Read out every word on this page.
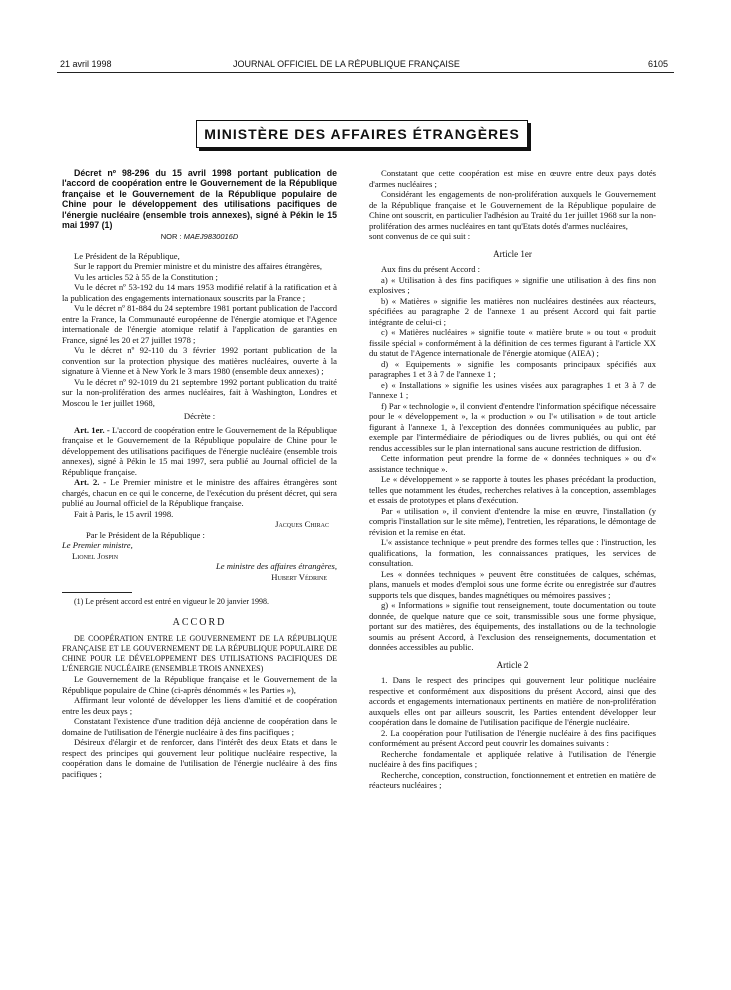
21 avril 1998	JOURNAL OFFICIEL DE LA RÉPUBLIQUE FRANÇAISE	6105
MINISTÈRE DES AFFAIRES ÉTRANGÈRES

Décret nº 98-296 du 15 avril 1998 portant publication de l'accord de coopération entre le Gouvernement de la République française et le Gouvernement de la République populaire de Chine pour le développement des utilisations pacifiques de l'énergie nucléaire (ensemble trois annexes), signé à Pékin le 15 mai 1997 (1)

NOR : MAEJ9830016D

Le Président de la République,

Sur le rapport du Premier ministre et du ministre des affaires étrangères,

Vu les articles 52 à 55 de la Constitution ;

Vu le décret nº 53-192 du 14 mars 1953 modifié relatif à la ratification et à la publication des engagements internationaux souscrits par la France ;

Vu le décret nº 81-884 du 24 septembre 1981 portant publication de l'accord entre la France, la Communauté européenne de l'énergie atomique et l'Agence internationale de l'énergie atomique relatif à l'application de garanties en France, signé les 20 et 27 juillet 1978 ;

Vu le décret nº 92-110 du 3 février 1992 portant publication de la convention sur la protection physique des matières nucléaires, ouverte à la signature à Vienne et à New York le 3 mars 1980 (ensemble deux annexes) ;

Vu le décret nº 92-1019 du 21 septembre 1992 portant publication du traité sur la non-prolifération des armes nucléaires, fait à Washington, Londres et Moscou le 1er juillet 1968,

Décrète :

Art. 1er. - L'accord de coopération entre le Gouvernement de la République française et le Gouvernement de la République populaire de Chine pour le développement des utilisations pacifiques de l'énergie nucléaire (ensemble trois annexes), signé à Pékin le 15 mai 1997, sera publié au Journal officiel de la République française.

Art. 2. - Le Premier ministre et le ministre des affaires étrangères sont chargés, chacun en ce qui le concerne, de l'exécution du présent décret, qui sera publié au Journal officiel de la République française.

Fait à Paris, le 15 avril 1998.

Jacques Chirac

Par le Président de la République :

Le Premier ministre,

Lionel Jospin

Le ministre des affaires étrangères,

Hubert Védrine

(1) Le présent accord est entré en vigueur le 20 janvier 1998.

ACCORD

DE COOPÉRATION ENTRE LE GOUVERNEMENT DE LA RÉPUBLIQUE FRANÇAISE ET LE GOUVERNEMENT DE LA RÉPUBLIQUE POPULAIRE DE CHINE POUR LE DÉVELOPPEMENT DES UTILISATIONS PACIFIQUES DE L'ÉNERGIE NUCLÉAIRE (ENSEMBLE TROIS ANNEXES)

Le Gouvernement de la République française et le Gouvernement de la République populaire de Chine (ci-après dénommés « les Parties »),

Affirmant leur volonté de développer les liens d'amitié et de coopération entre les deux pays ;

Constatant l'existence d'une tradition déjà ancienne de coopération dans le domaine de l'utilisation de l'énergie nucléaire à des fins pacifiques ;

Désireux d'élargir et de renforcer, dans l'intérêt des deux Etats et dans le respect des principes qui gouvernent leur politique nucléaire respective, la coopération dans le domaine de l'utilisation de l'énergie nucléaire à des fins pacifiques ;

Constatant que cette coopération est mise en œuvre entre deux pays dotés d'armes nucléaires ;

Considérant les engagements de non-prolifération auxquels le Gouvernement de la République française et le Gouvernement de la République populaire de Chine ont souscrit, en particulier l'adhésion au Traité du 1er juillet 1968 sur la non-prolifération des armes nucléaires en tant qu'Etats dotés d'armes nucléaires,

sont convenus de ce qui suit :

Article 1er

Aux fins du présent Accord :

a) « Utilisation à des fins pacifiques » signifie une utilisation à des fins non explosives ;

b) « Matières » signifie les matières non nucléaires destinées aux réacteurs, spécifiées au paragraphe 2 de l'annexe 1 au présent Accord qui fait partie intégrante de celui-ci ;

c) « Matières nucléaires » signifie toute « matière brute » ou tout « produit fissile spécial » conformément à la définition de ces termes figurant à l'article XX du statut de l'Agence internationale de l'énergie atomique (AIEA) ;

d) « Equipements » signifie les composants principaux spécifiés aux paragraphes 1 et 3 à 7 de l'annexe 1 ;

e) « Installations » signifie les usines visées aux paragraphes 1 et 3 à 7 de l'annexe 1 ;

f) Par « technologie », il convient d'entendre l'information spécifique nécessaire pour le « développement », la « production » ou l'« utilisation » de tout article figurant à l'annexe 1, à l'exception des données communiquées au public, par exemple par l'intermédiaire de périodiques ou de livres publiés, ou qui ont été rendus accessibles sur le plan international sans aucune restriction de diffusion.

Cette information peut prendre la forme de « données techniques » ou d'« assistance technique ».

Le « développement » se rapporte à toutes les phases précédant la production, telles que notamment les études, recherches relatives à la conception, assemblages et essais de prototypes et plans d'exécution.

Par « utilisation », il convient d'entendre la mise en œuvre, l'installation (y compris l'installation sur le site même), l'entretien, les réparations, le démontage de révision et la remise en état.

L'« assistance technique » peut prendre des formes telles que : l'instruction, les qualifications, la formation, les connaissances pratiques, les services de consultation.

Les « données techniques » peuvent être constituées de calques, schémas, plans, manuels et modes d'emploi sous une forme écrite ou enregistrée sur d'autres supports tels que disques, bandes magnétiques ou mémoires passives ;

g) « Informations » signifie tout renseignement, toute documentation ou toute donnée, de quelque nature que ce soit, transmissible sous une forme physique, portant sur des matières, des équipements, des installations ou de la technologie soumis au présent Accord, à l'exclusion des renseignements, documentation et données accessibles au public.

Article 2

1. Dans le respect des principes qui gouvernent leur politique nucléaire respective et conformément aux dispositions du présent Accord, ainsi que des accords et engagements internationaux pertinents en matière de non-prolifération auxquels elles ont par ailleurs souscrit, les Parties entendent développer leur coopération dans le domaine de l'utilisation pacifique de l'énergie nucléaire.

2. La coopération pour l'utilisation de l'énergie nucléaire à des fins pacifiques conformément au présent Accord peut couvrir les domaines suivants :

Recherche fondamentale et appliquée relative à l'utilisation de l'énergie nucléaire à des fins pacifiques ;

Recherche, conception, construction, fonctionnement et entretien en matière de réacteurs nucléaires ;
